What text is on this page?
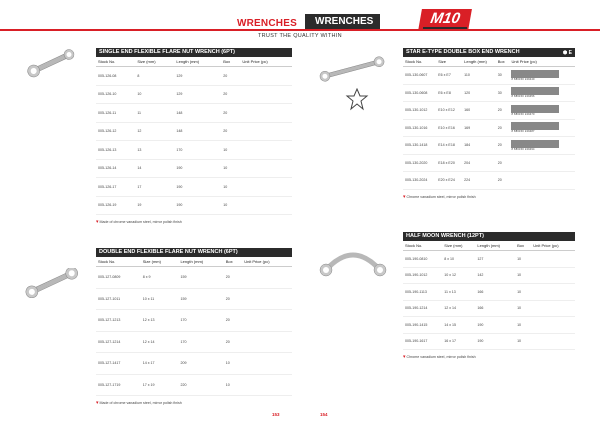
WRENCHES	WRENCHES	M10
TRUST THE QUALITY WITHIN
SINGLE END FLEXIBLE FLARE NUT WRENCH (6PT)
Stock No.	Size (mm)	Length (mm)	Box	Unit Price (pc)
005-126-08	8	129	20	
005-126-10	10	129	20	
005-126-11	11	148	20	
005-126-12	12	148	20	
005-126-13	13	170	10	
005-126-14	14	190	10	
005-126-17	17	190	10	
005-126-19	19	190	10	
▾ Made of chrome vanadium steel, mirror polish finish
DOUBLE END FLEXIBLE FLARE NUT WRENCH (6PT)
Stock No.	Size (mm)	Length (mm)	Box	Unit Price (pc)
005-127-0809	8 x 9	159	20	
005-127-1011	10 x 11	159	20	
005-127-1213	12 x 13	170	20	
005-127-1214	12 x 14	170	20	
005-127-1417	14 x 17	209	10	
005-127-1719	17 x 19	220	10	
▾ Made of chrome vanadium steel, mirror polish finish
STAR E-TYPE DOUBLE BOX END WRENCH	⬢ E
Stock No.	Size	Length (mm)	Box	Unit Price (pc)
005-130-0607	E6 x E7	110	30	8 886150 249449

005-130-0608	E6 x E8	120	30	8 886150 249456

005-130-1012	E10 x E12	160	20	8 886150 249470

005-130-1016	E10 x E16	169	20	8 886150 249487

005-130-1418	E14 x E18	184	20	8 886150 249494

005-130-2020	E18 x E20	204	20	
005-130-2024	E20 x E24	224	20	
▾ Chrome vanadium steel, mirror polish finish
HALF MOON WRENCH (12PT)
Stock No.	Size (mm)	Length (mm)	Box	Unit Price (pc)
005-190-0810	8 x 10	127	10	
005-190-1012	10 x 12	142	10	
005-190-1113	11 x 13	166	10	
005-190-1214	12 x 14	166	10	
005-190-1415	14 x 15	190	10	
005-190-1617	16 x 17	190	10	
▾ Chrome vanadium steel, mirror polish finish
153	154
